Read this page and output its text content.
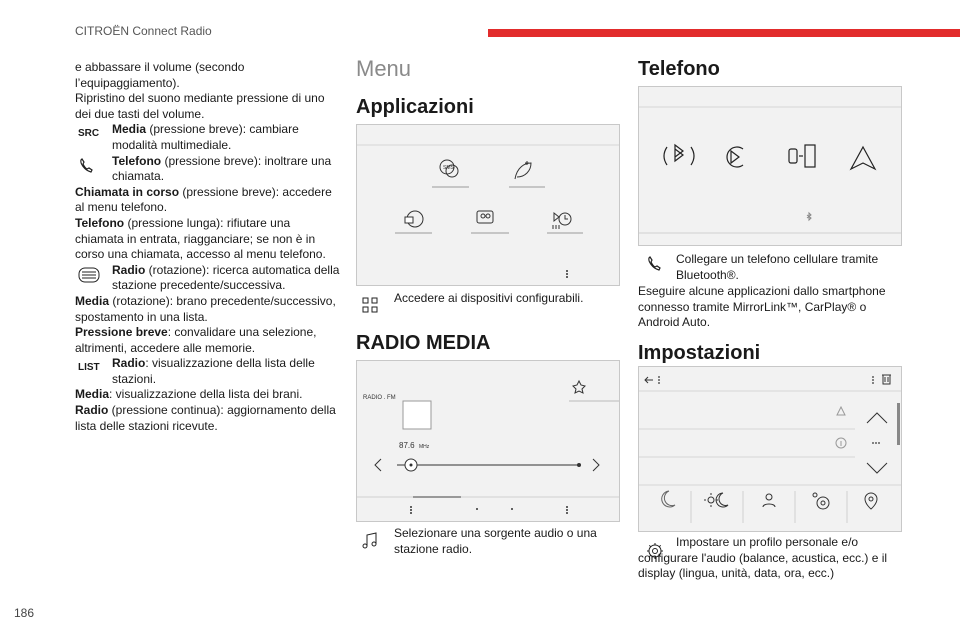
CITROËN Connect Radio
186

e abbassare il volume (secondo l’equipaggiamento).

Ripristino del suono mediante pressione di uno dei due tasti del volume.

SRC Media (pressione breve): cambiare modalità multimediale.

Telefono (pressione breve): inoltrare una chiamata.

Chiamata in corso (pressione breve): accedere al menu telefono.

Telefono (pressione lunga): rifiutare una chiamata in entrata, riagganciare; se non è in corso una chiamata, accesso al menu telefono.

Radio (rotazione): ricerca automatica della stazione precedente/successiva.

Media (rotazione): brano precedente/successivo, spostamento in una lista.

Pressione breve: convalidare una selezione, altrimenti, accedere alle memorie.

LIST Radio: visualizzazione della lista delle stazioni.

Media: visualizzazione della lista dei brani.

Radio (pressione continua): aggiornamento della lista delle stazioni ricevute.

Menu
Applicazioni
SMS
Accedere ai dispositivi configurabili.
RADIO MEDIA
RADIO . FM
87.6 MHz
Selezionare una sorgente audio o una stazione radio.
Telefono
Collegare un telefono cellulare tramite Bluetooth®.
Eseguire alcune applicazioni dallo smartphone connesso tramite MirrorLink™, CarPlay® o Android Auto.
Impostazioni
Impostare un profilo personale e/o configurare l'audio (balance, acustica, ecc.) e il display (lingua, unità, data, ora, ecc.)
